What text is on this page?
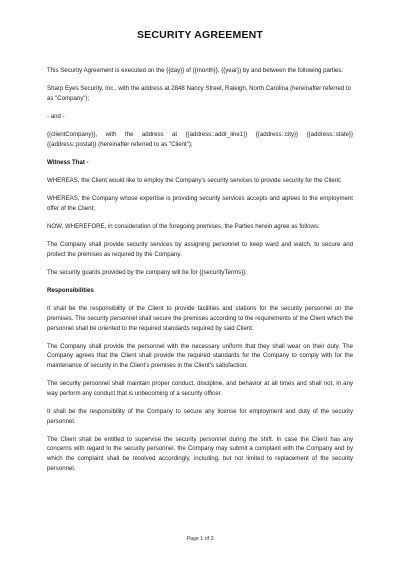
SECURITY AGREEMENT

This Security Agreement is executed on the {{day}} of {{month}}, {{year}} by and between the following parties:

Sharp Eyes Security, Inc., with the address at 2848 Nancy Street, Raleigh, North Carolina (hereinafter referred to as "Company");

- and -

{{clientCompany}}, with the address at {{address::addr_line1}} {{address::city}} {{address::state}} {{address::postal}} (hereinafter referred to as "Client");

Witness That -

WHEREAS, the Client would like to employ the Company's security services to provide security for the Client;

WHEREAS, the Company whose expertise is providing security services accepts and agrees to the employment offer of the Client;

NOW, WHEREFORE, in consideration of the foregoing premises, the Parties herein agree as follows:

The Company shall provide security services by assigning personnel to keep ward and watch, to secure and protect the premises as required by the Company.

The security guards provided by the company will be for {{securityTerms}}.

Responsibilities

It shall be the responsibility of the Client to provide facilities and stations for the security personnel on the premises. The security personnel shall secure the premises according to the requirements of the Client which the personnel shall be oriented to the required standards required by said Client.

The Company shall provide the personnel with the necessary uniform that they shall wear on their duty. The Company agrees that the Client shall provide the required standards for the Company to comply with for the maintenance of security in the Client's premises in the Client's satisfaction.

The security personnel shall maintain proper conduct, discipline, and behavior at all times and shall not, in any way perform any conduct that is unbecoming of a security officer.

It shall be the responsibility of the Company to secure any license for employment and duty of the security personnel.

The Client shall be entitled to supervise the security personnel during the shift. In case the Client has any concerns with regard to the security personnel, the Company may submit a complaint with the Company and by which the complaint shall be resolved accordingly, including, but not limited to replacement of the security personnel.

Page 1 of 3
